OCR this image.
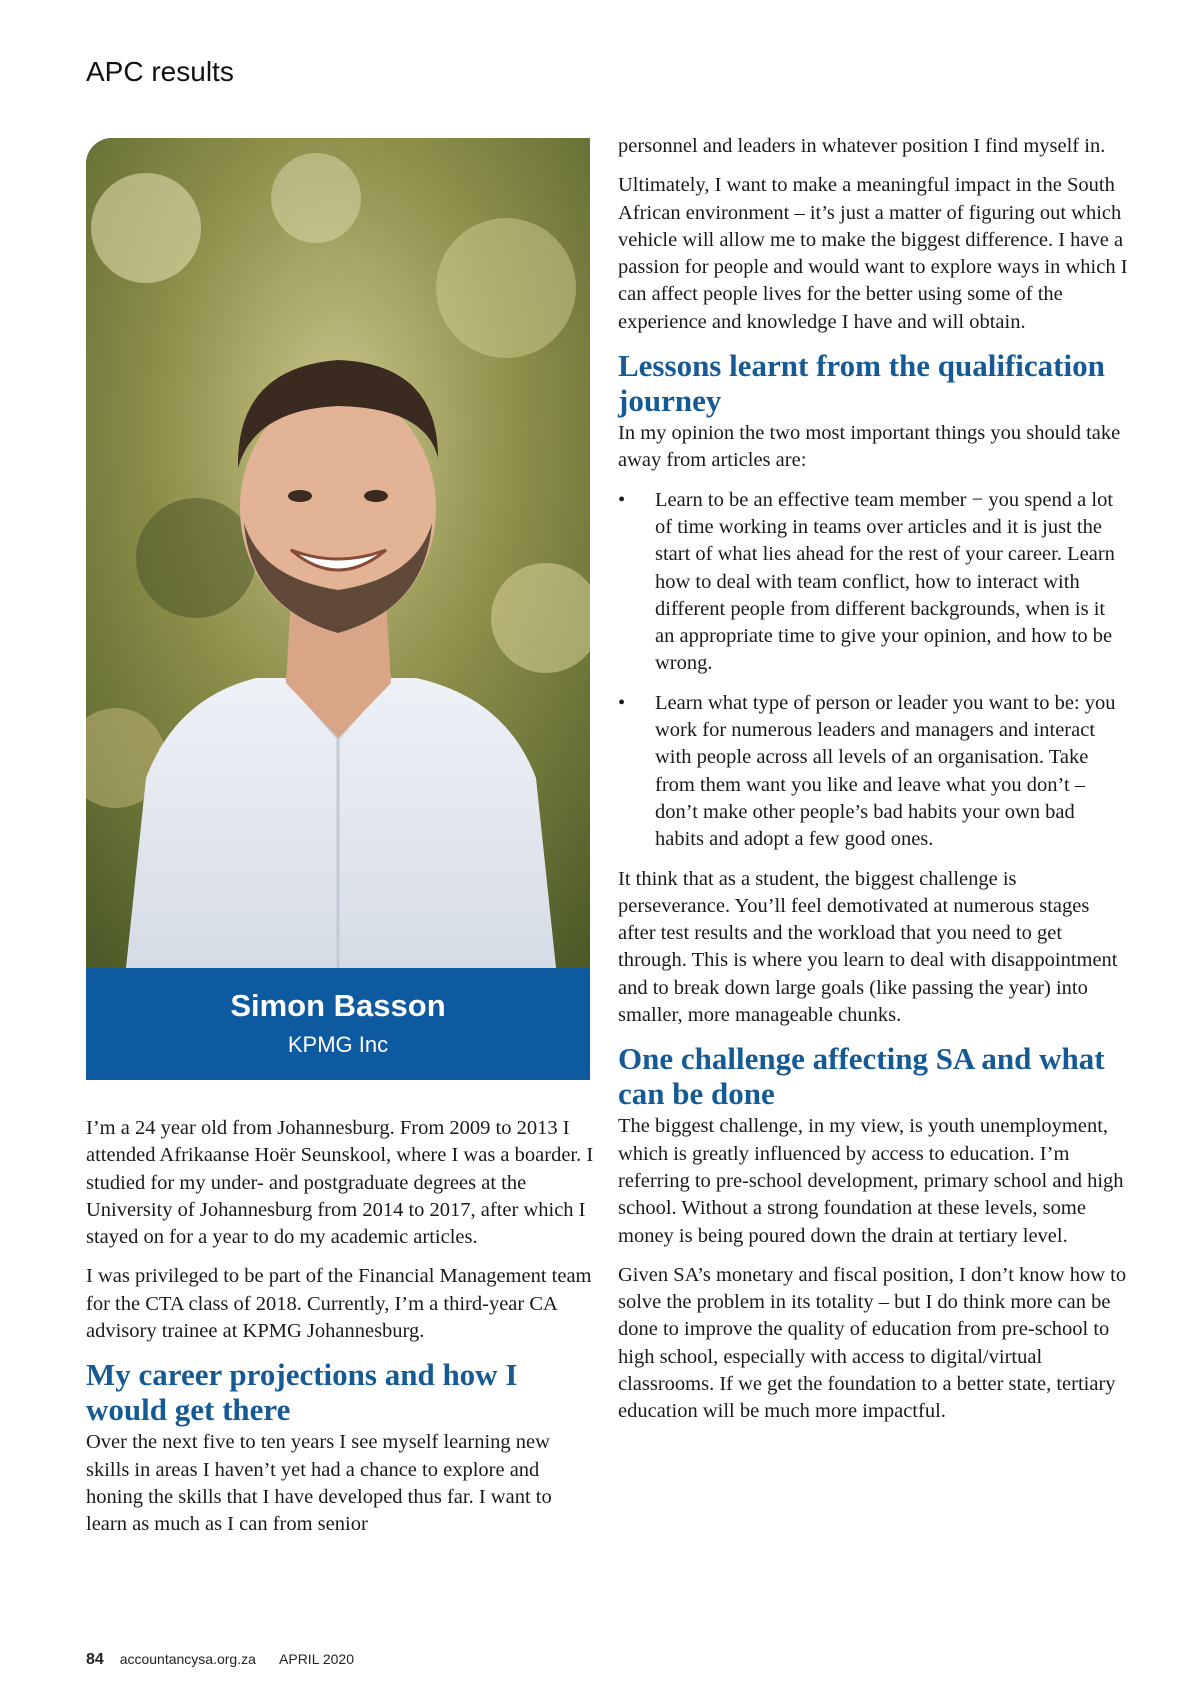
APC results
Simon Basson
KPMG Inc

I’m a 24 year old from Johannesburg. From 2009 to 2013 I attended Afrikaanse Hoër Seunskool, where I was a boarder. I studied for my under- and postgraduate degrees at the University of Johannesburg from 2014 to 2017, after which I stayed on for a year to do my academic articles.

I was privileged to be part of the Financial Management team for the CTA class of 2018. Currently, I’m a third-year CA advisory trainee at KPMG Johannesburg.

My career projections and how I would get there

Over the next five to ten years I see myself learning new skills in areas I haven’t yet had a chance to explore and honing the skills that I have developed thus far. I want to learn as much as I can from senior

personnel and leaders in whatever position I find myself in.

Ultimately, I want to make a meaningful impact in the South African environment – it’s just a matter of figuring out which vehicle will allow me to make the biggest difference. I have a passion for people and would want to explore ways in which I can affect people lives for the better using some of the experience and knowledge I have and will obtain.

Lessons learnt from the qualification journey

In my opinion the two most important things you should take away from articles are:

• Learn to be an effective team member − you spend a lot of time working in teams over articles and it is just the start of what lies ahead for the rest of your career. Learn how to deal with team conflict, how to interact with different people from different backgrounds, when is it an appropriate time to give your opinion, and how to be wrong.
• Learn what type of person or leader you want to be: you work for numerous leaders and managers and interact with people across all levels of an organisation. Take from them want you like and leave what you don’t – don’t make other people’s bad habits your own bad habits and adopt a few good ones.

It think that as a student, the biggest challenge is perseverance. You’ll feel demotivated at numerous stages after test results and the workload that you need to get through. This is where you learn to deal with disappointment and to break down large goals (like passing the year) into smaller, more manageable chunks.

One challenge affecting SA and what can be done

The biggest challenge, in my view, is youth unemployment, which is greatly influenced by access to education. I’m referring to pre-school development, primary school and high school. Without a strong foundation at these levels, some money is being poured down the drain at tertiary level.

Given SA’s monetary and fiscal position, I don’t know how to solve the problem in its totality – but I do think more can be done to improve the quality of education from pre-school to high school, especially with access to digital/virtual classrooms. If we get the foundation to a better state, tertiary education will be much more impactful.

84 accountancysa.org.za APRIL 2020
